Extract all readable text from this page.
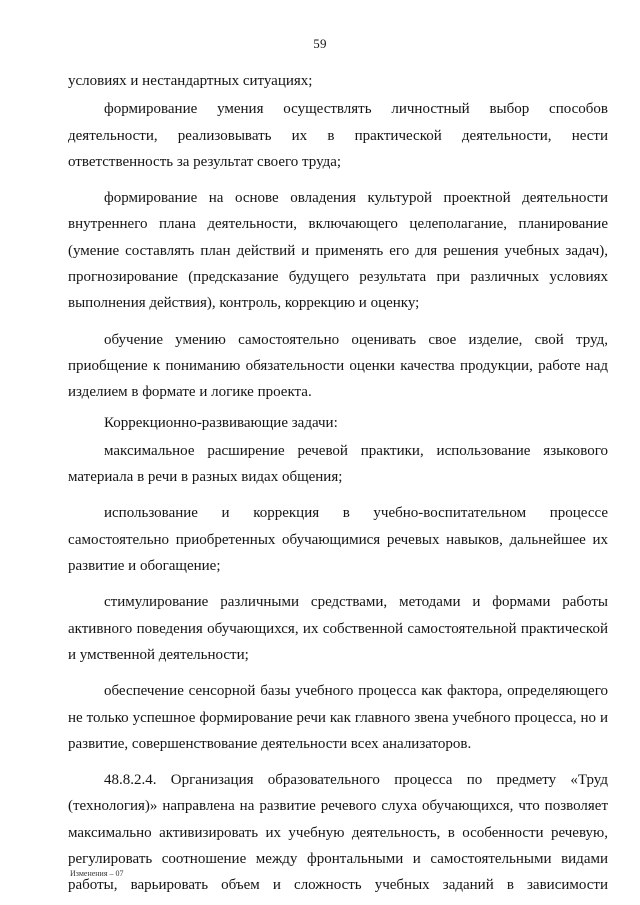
59

условиях и нестандартных ситуациях;

формирование умения осуществлять личностный выбор способов деятельности, реализовывать их в практической деятельности, нести ответственность за результат своего труда;

формирование на основе овладения культурой проектной деятельности внутреннего плана деятельности, включающего целеполагание, планирование (умение составлять план действий и применять его для решения учебных задач), прогнозирование (предсказание будущего результата при различных условиях выполнения действия), контроль, коррекцию и оценку;

обучение умению самостоятельно оценивать свое изделие, свой труд, приобщение к пониманию обязательности оценки качества продукции, работе над изделием в формате и логике проекта.

Коррекционно-развивающие задачи:

максимальное расширение речевой практики, использование языкового материала в речи в разных видах общения;

использование и коррекция в учебно-воспитательном процессе самостоятельно приобретенных обучающимися речевых навыков, дальнейшее их развитие и обогащение;

стимулирование различными средствами, методами и формами работы активного поведения обучающихся, их собственной самостоятельной практической и умственной деятельности;

обеспечение сенсорной базы учебного процесса как фактора, определяющего не только успешное формирование речи как главного звена учебного процесса, но и развитие, совершенствование деятельности всех анализаторов.

48.8.2.4. Организация образовательного процесса по предмету «Труд (технология)» направлена на развитие речевого слуха обучающихся, что позволяет максимально активизировать их учебную деятельность, в особенности речевую, регулировать соотношение между фронтальными и самостоятельными видами работы, варьировать объем и сложность учебных заданий в зависимости

Изменения – 07
